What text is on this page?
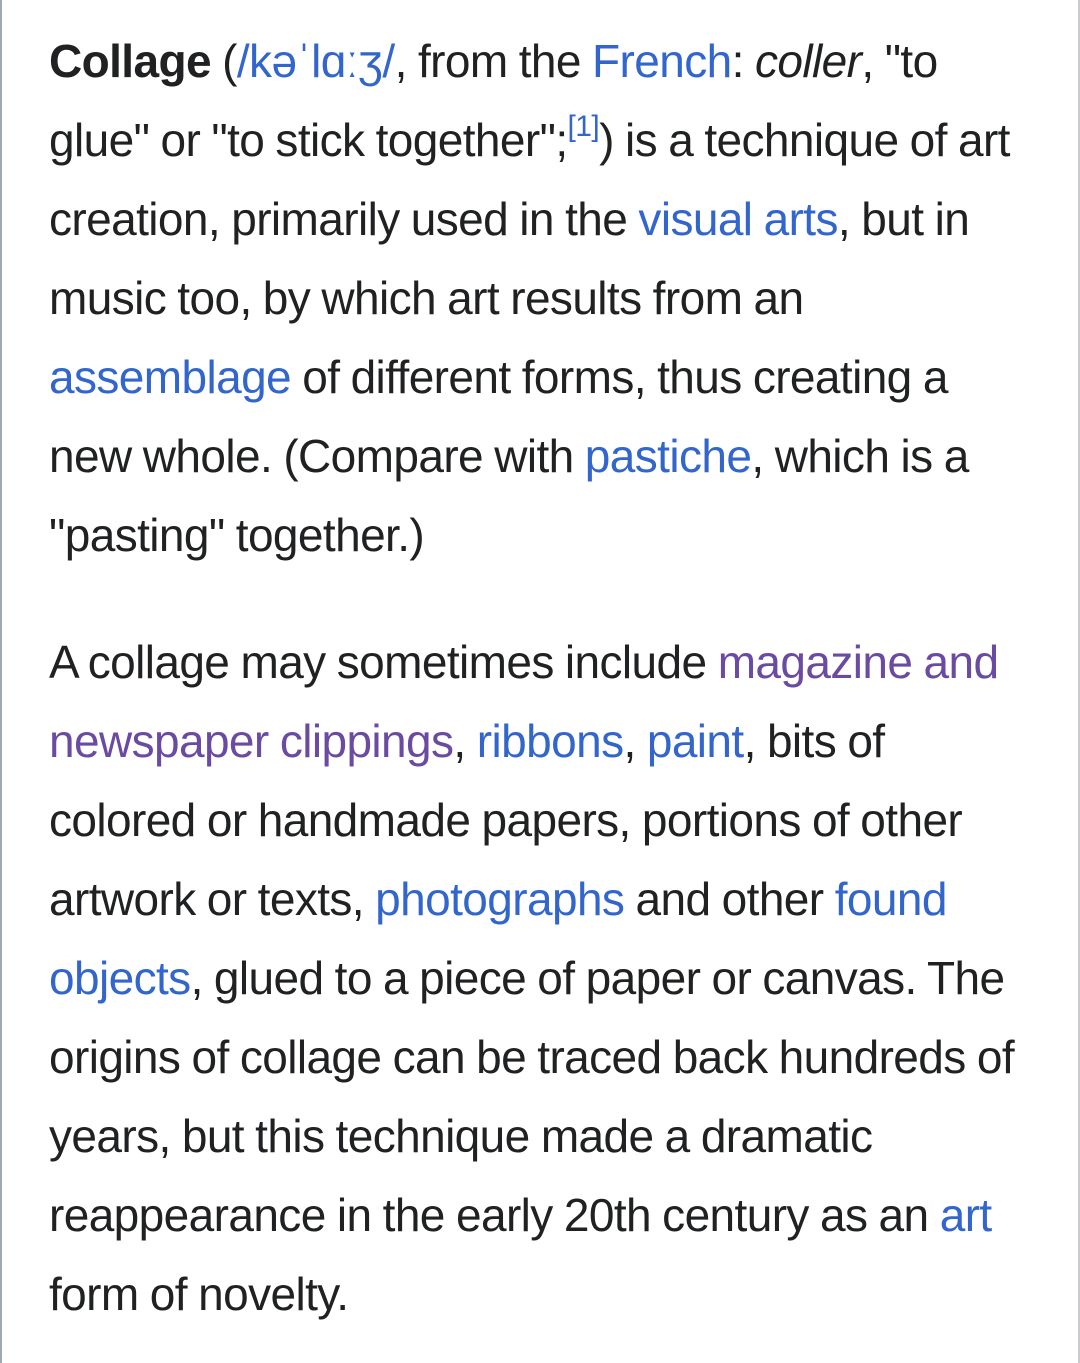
Collage (/kəˈlɑːʒ/, from the French: coller, "to glue" or "to stick together";[1]) is a technique of art creation, primarily used in the visual arts, but in music too, by which art results from an assemblage of different forms, thus creating a new whole. (Compare with pastiche, which is a "pasting" together.)

A collage may sometimes include magazine and newspaper clippings, ribbons, paint, bits of colored or handmade papers, portions of other artwork or texts, photographs and other found objects, glued to a piece of paper or canvas. The origins of collage can be traced back hundreds of years, but this technique made a dramatic reappearance in the early 20th century as an art form of novelty.
